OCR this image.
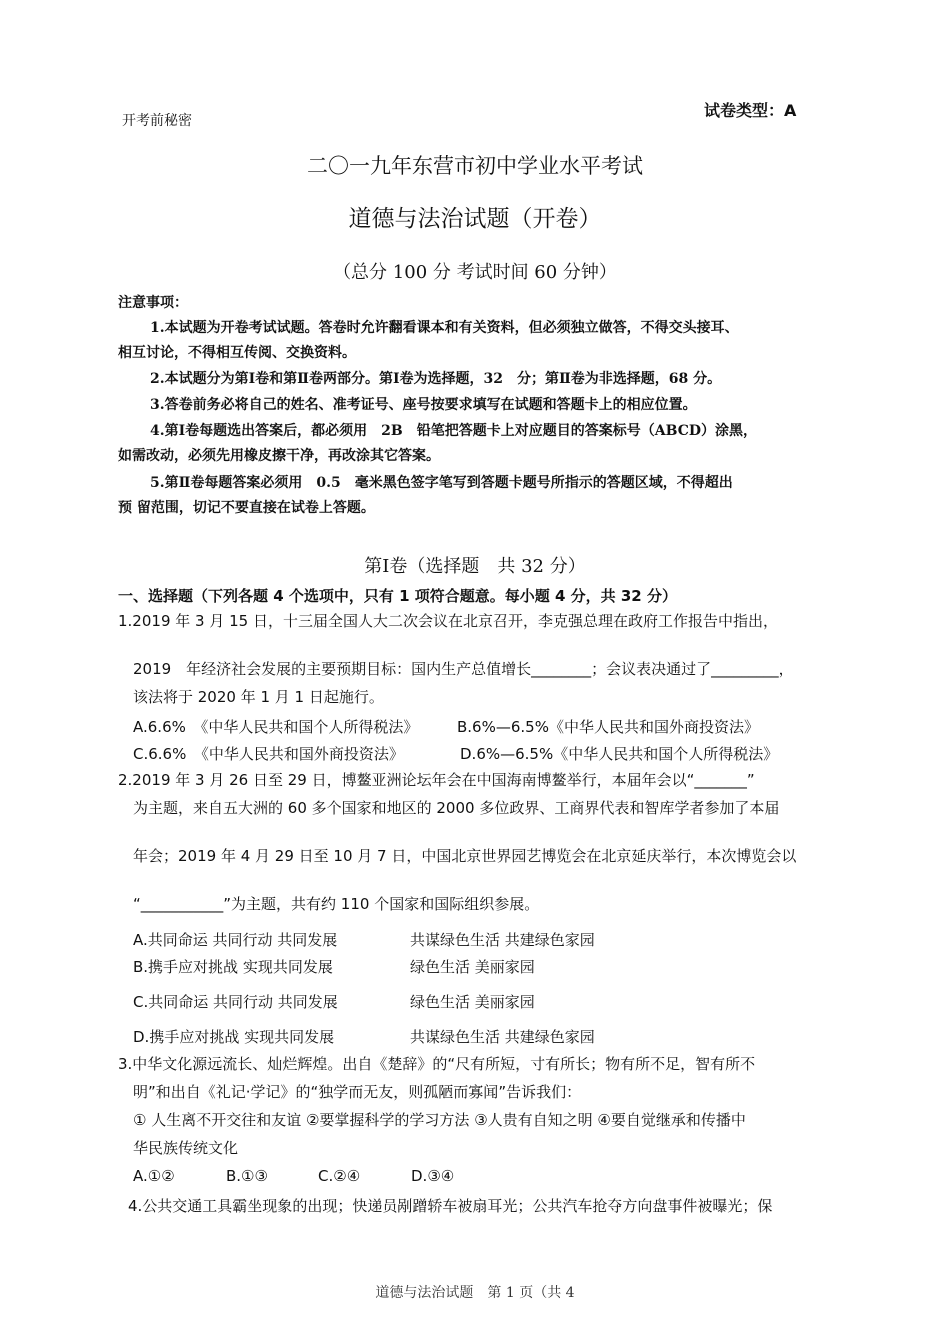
试卷类型：A
开考前秘密
二〇一九年东营市初中学业水平考试
道德与法治试题（开卷）
（总分 100 分 考试时间 60 分钟）
注意事项：
1.本试题为开卷考试试题。答卷时允许翻看课本和有关资料，但必须独立做答，不得交头接耳、
相互讨论，不得相互传阅、交换资料。
2.本试题分为第Ⅰ卷和第Ⅱ卷两部分。第Ⅰ卷为选择题，32　分；第Ⅱ卷为非选择题，68 分。
3.答卷前务必将自己的姓名、准考证号、座号按要求填写在试题和答题卡上的相应位置。
4.第Ⅰ卷每题选出答案后，都必须用　2B　铅笔把答题卡上对应题目的答案标号（ABCD）涂黑，
如需改动，必须先用橡皮擦干净，再改涂其它答案。
5.第Ⅱ卷每题答案必须用　0.5　毫米黑色签字笔写到答题卡题号所指示的答题区域，不得超出
预 留范围，切记不要直接在试卷上答题。
第Ⅰ卷（选择题　共 32 分）
一、选择题（下列各题 4 个选项中，只有 1 项符合题意。每小题 4 分，共 32 分）
1.2019 年 3 月 15 日，十三届全国人大二次会议在北京召开，李克强总理在政府工作报告中指出，
2019　年经济社会发展的主要预期目标：国内生产总值增长________；会议表决通过了_________，
该法将于 2020 年 1 月 1 日起施行。
A.6.6%　《中华人民共和国个人所得税法》	B.6%—6.5%《中华人民共和国外商投资法》
C.6.6%　《中华人民共和国外商投资法》	D.6%—6.5%《中华人民共和国个人所得税法》
2.2019 年 3 月 26 日至 29 日，博鳌亚洲论坛年会在中国海南博鳌举行，本届年会以“_______”
为主题，来自五大洲的 60 多个国家和地区的 2000 多位政界、工商界代表和智库学者参加了本届
年会；2019 年 4 月 29 日至 10 月 7 日，中国北京世界园艺博览会在北京延庆举行，本次博览会以
“___________”为主题，共有约 110 个国家和国际组织参展。
A.共同命运 共同行动 共同发展	共谋绿色生活 共建绿色家园
B.携手应对挑战 实现共同发展	绿色生活 美丽家园
C.共同命运 共同行动 共同发展	绿色生活 美丽家园
D.携手应对挑战 实现共同发展	共谋绿色生活 共建绿色家园
3.中华文化源远流长、灿烂辉煌。出自《楚辞》的“尺有所短，寸有所长；物有所不足，智有所不
明”和出自《礼记·学记》的“独学而无友，则孤陋而寡闻”告诉我们：
① 人生离不开交往和友谊 ②要掌握科学的学习方法 ③人贵有自知之明 ④要自觉继承和传播中
华民族传统文化
A.①②	B.①③	C.②④	D.③④
4.公共交通工具霸坐现象的出现；快递员剐蹭轿车被扇耳光；公共汽车抢夺方向盘事件被曝光；保
道德与法治试题　第 1 页（共 4
